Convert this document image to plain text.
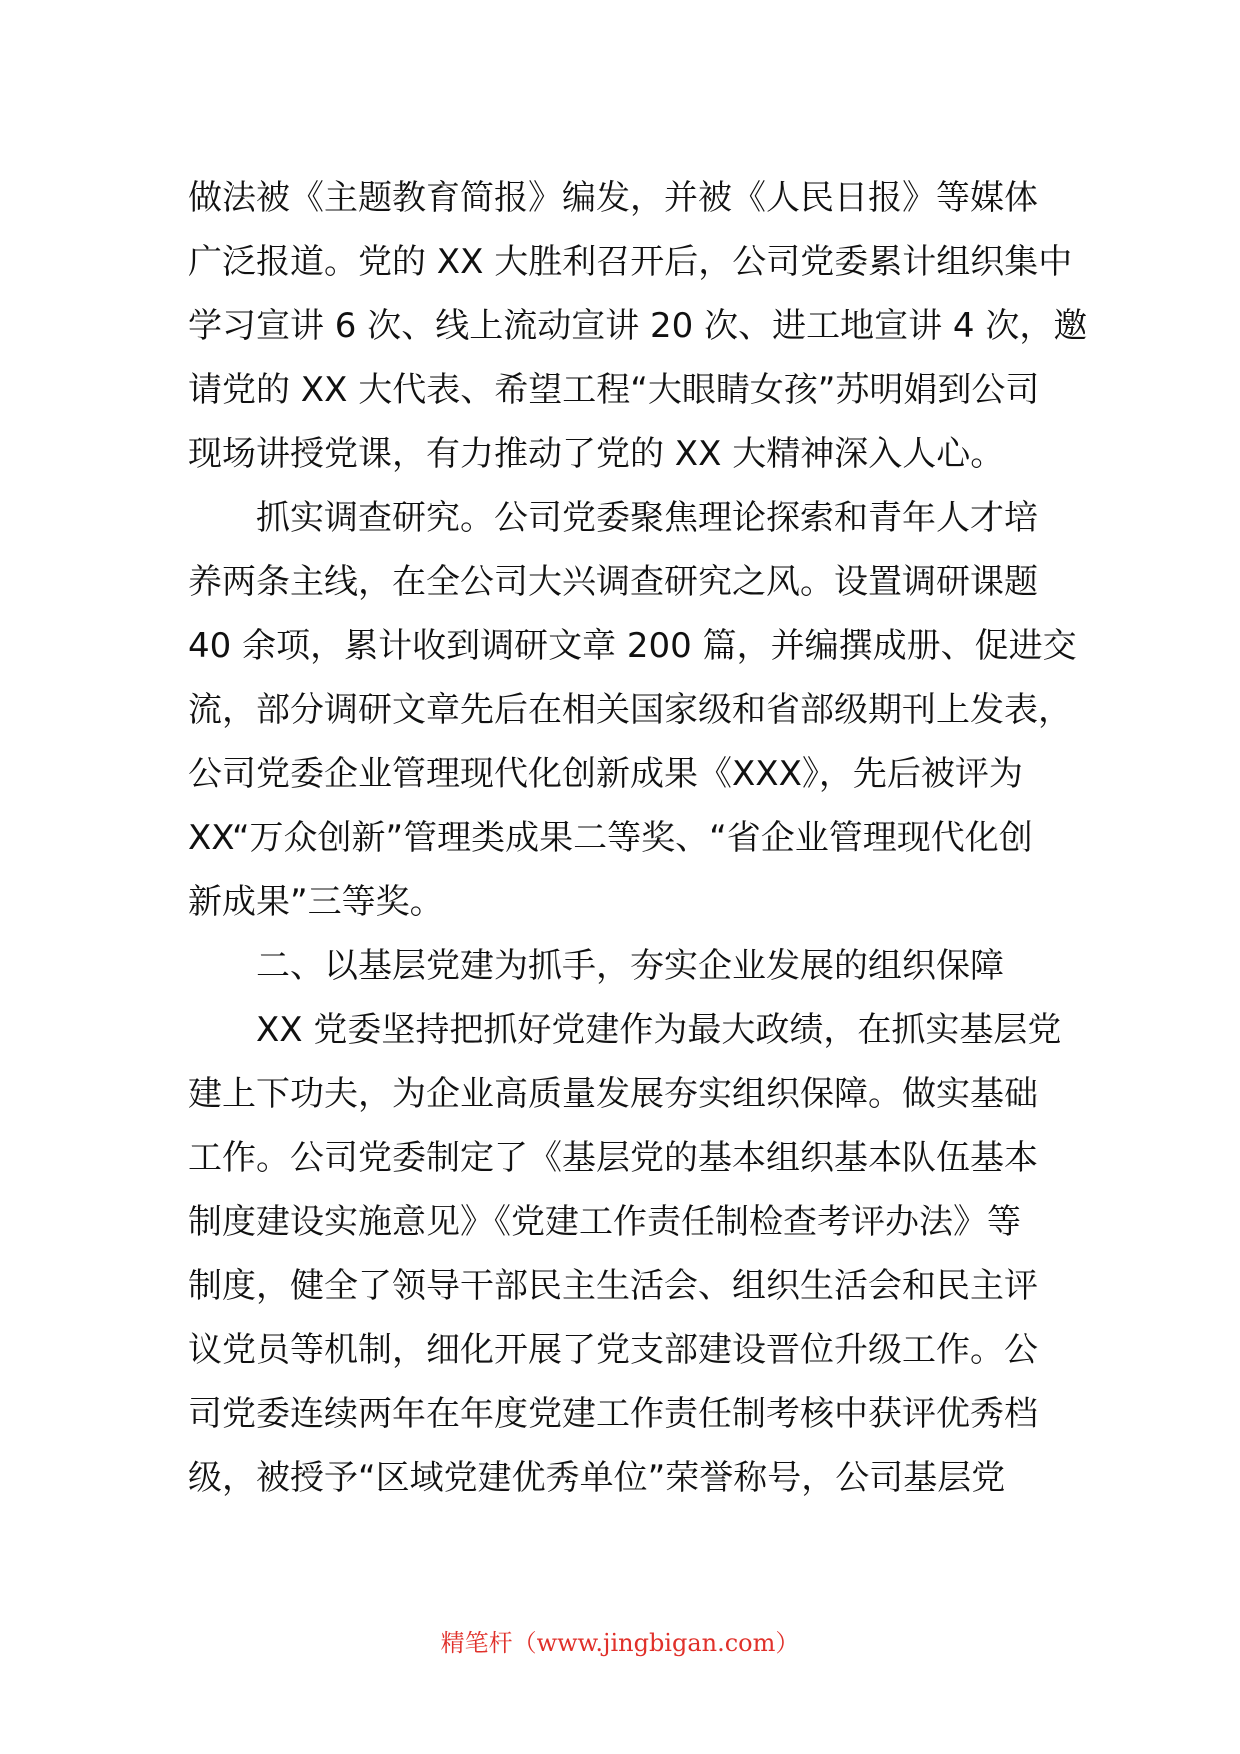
做法被《主题教育简报》编发，并被《人民日报》等媒体

广泛报道。党的 XX 大胜利召开后，公司党委累计组织集中

学习宣讲 6 次、线上流动宣讲 20 次、进工地宣讲 4 次，邀

请党的 XX 大代表、希望工程“大眼睛女孩”苏明娟到公司

现场讲授党课，有力推动了党的 XX 大精神深入人心。

抓实调查研究。公司党委聚焦理论探索和青年人才培

养两条主线，在全公司大兴调查研究之风。设置调研课题

40 余项，累计收到调研文章 200 篇，并编撰成册、促进交

流，部分调研文章先后在相关国家级和省部级期刊上发表，

公司党委企业管理现代化创新成果《XXX》，先后被评为

XX“万众创新”管理类成果二等奖、“省企业管理现代化创

新成果”三等奖。

二、以基层党建为抓手，夯实企业发展的组织保障

XX 党委坚持把抓好党建作为最大政绩，在抓实基层党

建上下功夫，为企业高质量发展夯实组织保障。做实基础

工作。公司党委制定了《基层党的基本组织基本队伍基本

制度建设实施意见》《党建工作责任制检查考评办法》等

制度，健全了领导干部民主生活会、组织生活会和民主评

议党员等机制，细化开展了党支部建设晋位升级工作。公

司党委连续两年在年度党建工作责任制考核中获评优秀档

级，被授予“区域党建优秀单位”荣誉称号，公司基层党

精笔杆（www.jingbigan.com）
